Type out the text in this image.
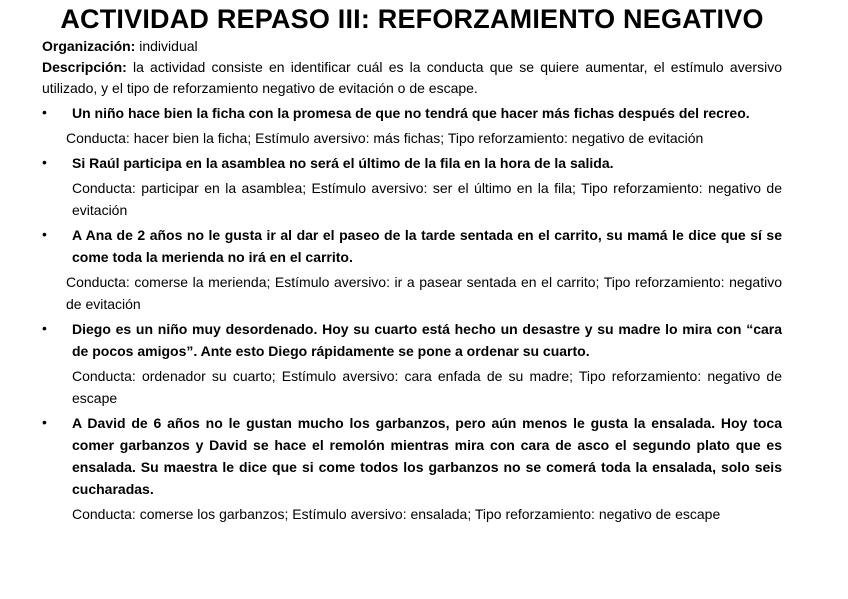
ACTIVIDAD REPASO III: REFORZAMIENTO NEGATIVO

Organización: individual

Descripción: la actividad consiste en identificar cuál es la conducta que se quiere aumentar, el estímulo aversivo utilizado, y el tipo de reforzamiento negativo de evitación o de escape.

• Un niño hace bien la ficha con la promesa de que no tendrá que hacer más fichas después del recreo.
Conducta: hacer bien la ficha; Estímulo aversivo: más fichas; Tipo reforzamiento: negativo de evitación
• Si Raúl participa en la asamblea no será el último de la fila en la hora de la salida.
Conducta: participar en la asamblea; Estímulo aversivo: ser el último en la fila; Tipo reforzamiento: negativo de evitación
• A Ana de 2 años no le gusta ir al dar el paseo de la tarde sentada en el carrito, su mamá le dice que sí se come toda la merienda no irá en el carrito.
Conducta: comerse la merienda; Estímulo aversivo: ir a pasear sentada en el carrito; Tipo reforzamiento: negativo de evitación
• Diego es un niño muy desordenado. Hoy su cuarto está hecho un desastre y su madre lo mira con “cara de pocos amigos”. Ante esto Diego rápidamente se pone a ordenar su cuarto.
Conducta: ordenador su cuarto; Estímulo aversivo: cara enfada de su madre; Tipo reforzamiento: negativo de escape
• A David de 6 años no le gustan mucho los garbanzos, pero aún menos le gusta la ensalada. Hoy toca comer garbanzos y David se hace el remolón mientras mira con cara de asco el segundo plato que es ensalada. Su maestra le dice que si come todos los garbanzos no se comerá toda la ensalada, solo seis cucharadas.
Conducta: comerse los garbanzos; Estímulo aversivo: ensalada; Tipo reforzamiento: negativo de escape
